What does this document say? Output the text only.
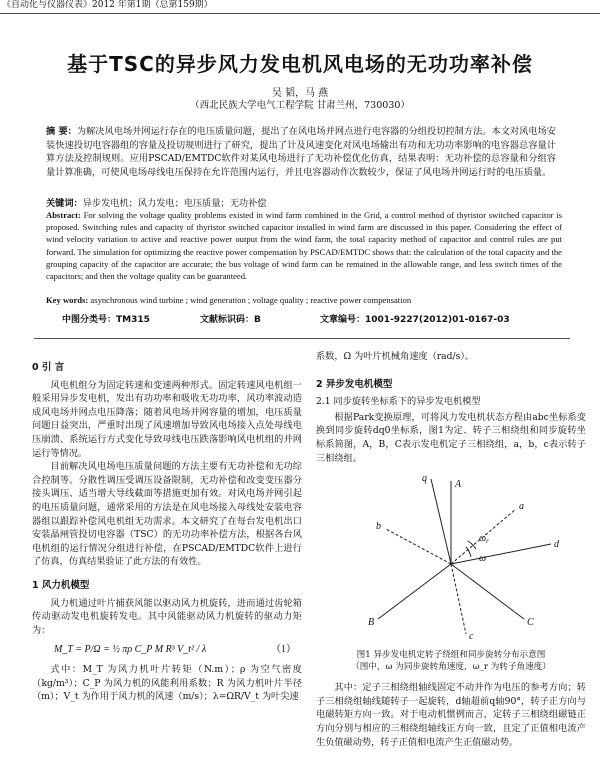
《自动化与仪器仪表》2012 年第1期（总第159期）
基于TSC的异步风力发电机风电场的无功功率补偿
吴 韬，马 燕
（西北民族大学电气工程学院 甘肃兰州，730030）
摘 要：为解决风电场并网运行存在的电压质量问题，提出了在风电场并网点进行电容器的分组投切控制方法。本文对风电场安装快速投切电容器组的容量及投切规则进行了研究，提出了计及风速变化对风电场输出有功和无功功率影响的电容器总容量计算方法及控制规则。应用PSCAD/EMTDC软件对某风电场进行了无功补偿优化仿真，结果表明：无功补偿的总容量和分组容量计算准确，可使风电场母线电压保持在允许范围内运行，并且电容器动作次数较少，保证了风电场并网运行时的电压质量。
关键词：异步发电机；风力发电；电压质量；无功补偿
Abstract: For solving the voltage quality problems existed in wind farm combined in the Grid, a control method of thyristor switched capacitor is proposed. Switching rules and capacity of thyristor switched capacitor installed in wind farm are discussed in this paper. Considering the effect of wind velocity variation to active and reactive power output from the wind farm, the total capacity method of capacitor and control rules are put forward. The simulation for optimizing the reactive power compensation by PSCAD/EMTDC shows that: the calculation of the total capacity and the grouping capacity of the capacitor are accurate; the bus voltage of wind farm can be remained in the allowable range, and less switch times of the capacitors; and then the voltage quality can be guaranteed.
Key words: asynchronous wind turbine ; wind generation ; voltage quality ; reactive power compensation
中图分类号：TM315	文献标识码：B	文章编号：1001-9227(2012)01-0167-03
0 引 言

风电机组分为固定转速和变速两种形式。固定转速风电机组一般采用异步发电机，发出有功功率和吸收无功功率，风功率波动造成风电场并网点电压降落；随着风电场并网容量的增加，电压质量问题日益突出，严重时出现了风速增加导致风电场接入点处母线电压崩溃、系统运行方式变化导致母线电压跌落影响风电机组的并网运行等情况。

目前解决风电场电压质量问题的方法主要有无功补偿和无功综合控制等。分散性调压受调压设备限制，无功补偿和改变变压器分接头调压、适当增大导线截面等措施更加有效。对风电场并网引起的电压质量问题，通常采用的方法是在风电场接入母线处安装电容器组以跟踪补偿风电机组无功需求。本文研究了在每台发电机出口安装晶闸管投切电容器（TSC）的无功功率补偿方法，根据各台风电机组的运行情况分组进行补偿，在PSCAD/EMTDC软件上进行了仿真，仿真结果验证了此方法的有效性。

1 风力机模型

风力机通过叶片捕获风能以驱动风力机旋转，进而通过齿轮箱传动驱动发电机旋转发电。其中风能驱动风力机旋转的驱动力矩为：

M_T = P/Ω = ½ πρ C_P M R³ V_t² / λ	（1）

式中：M_T 为风力机叶片转矩（N.m）；ρ 为空气密度（kg/m³）；C_P 为风力机的风能利用系数；R 为风力机叶片半径（m）；V_t 为作用于风力机的风速（m/s）；λ=ΩR/V_t 为叶尖速

系数，Ω 为叶片机械角速度（rad/s）。

2 异步发电机模型
2.1 同步旋转坐标系下的异步发电机模型

根据Park变换原理，可将风力发电机状态方程由abc坐标系变换到同步旋转dq0坐标系，图1为定、转子三相绕组和同步旋转坐标系简图，A，B，C表示发电机定子三相绕组，a，b，c表示转子三相绕组。

A
B	C
a
b
c
d
q
ω
$\omega_r$
图1 异步发电机定转子绕组和同步旋转分布示意图
（图中，ω 为同步旋转角速度，ω_r 为转子角速度）

其中：定子三相绕组轴线固定不动并作为电压的参考方向；转子三相绕组轴线随转子一起旋转，d轴超前q轴90°，转子正方向与电磁转矩方向一致。对于电动机惯例而言，定转子三相绕组磁链正方向分别与相应的三相绕组轴线正方向一致，且定了正值相电流产生负值磁动势，转子正值相电流产生正值磁动势。
